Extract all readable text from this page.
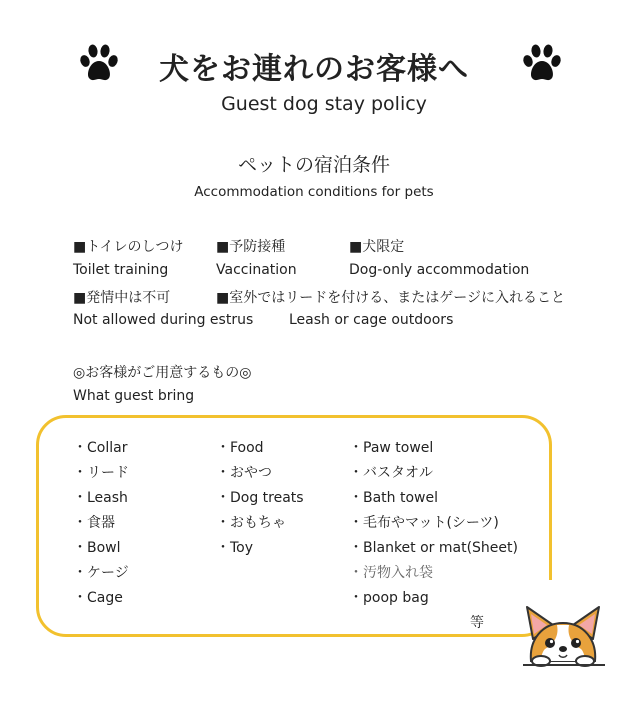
犬をお連れのお客様へ
Guest dog stay policy
ペットの宿泊条件
Accommodation conditions for pets
■トイレのしつけ ■予防接種	■犬限定
Toilet training	Vaccination	Dog-only accommodation
■発情中は不可	■室外ではリードを付ける、またはゲージに入れること
Not allowed during estrus	Leash or cage outdoors
◎お客様がご用意するもの◎
What guest bring
・Collar
・リード
・Leash
・食器
・Bowl
・ケージ
・Cage
・Food
・おやつ
・Dog treats
・おもちゃ
・Toy
・Paw towel
・バスタオル
・Bath towel
・毛布やマット(シーツ)
・Blanket or mat(Sheet)
・汚物入れ袋
・poop bag
等
